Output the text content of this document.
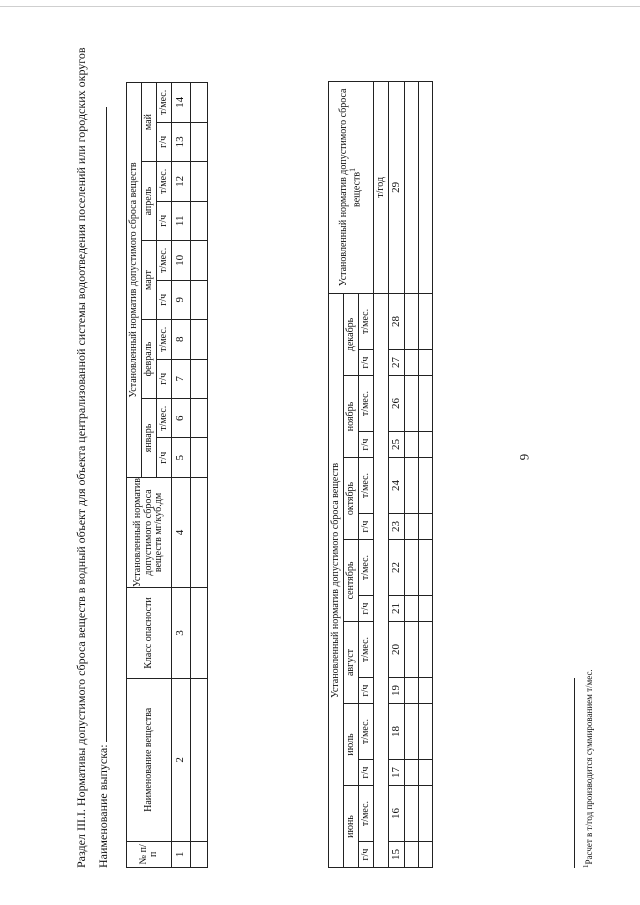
6
Раздел III.I. Нормативы допустимого сброса веществ в водный объект для объекта централизованной системы водоотведения поселений или городских округов Наименование выпуска:	№ п/п	Наименование вещества	Класс опасности	Установленный норматив допустимого сброса веществ мг/куб.дм	Установленный норматив допустимого сброса веществ									
				январь		февраль		март		апрель		май	
				г/ч	т/мес.	г/ч	т/мес.	г/ч	т/мес.	г/ч	т/мес.	г/ч	т/мес.
1	2	3	4	5	6	7	8	9	10	11	12	13	14

Установленный норматив допустимого сброса веществ														Установленный норматив допустимого сброса веществ$^1$
июнь		июль		август		сентябрь		октябрь		ноябрь		декабрь		
г/ч	т/мес.	г/ч	т/мес.	г/ч	т/мес.	г/ч	т/мес.	г/ч	т/мес.	г/ч	т/мес.	г/ч	т/мес.	
														т/год
15	16	17	18	19	20	21	22	23	24	25	26	27	28	29

$^1$Расчет в т/год производится суммированием т/мес.
